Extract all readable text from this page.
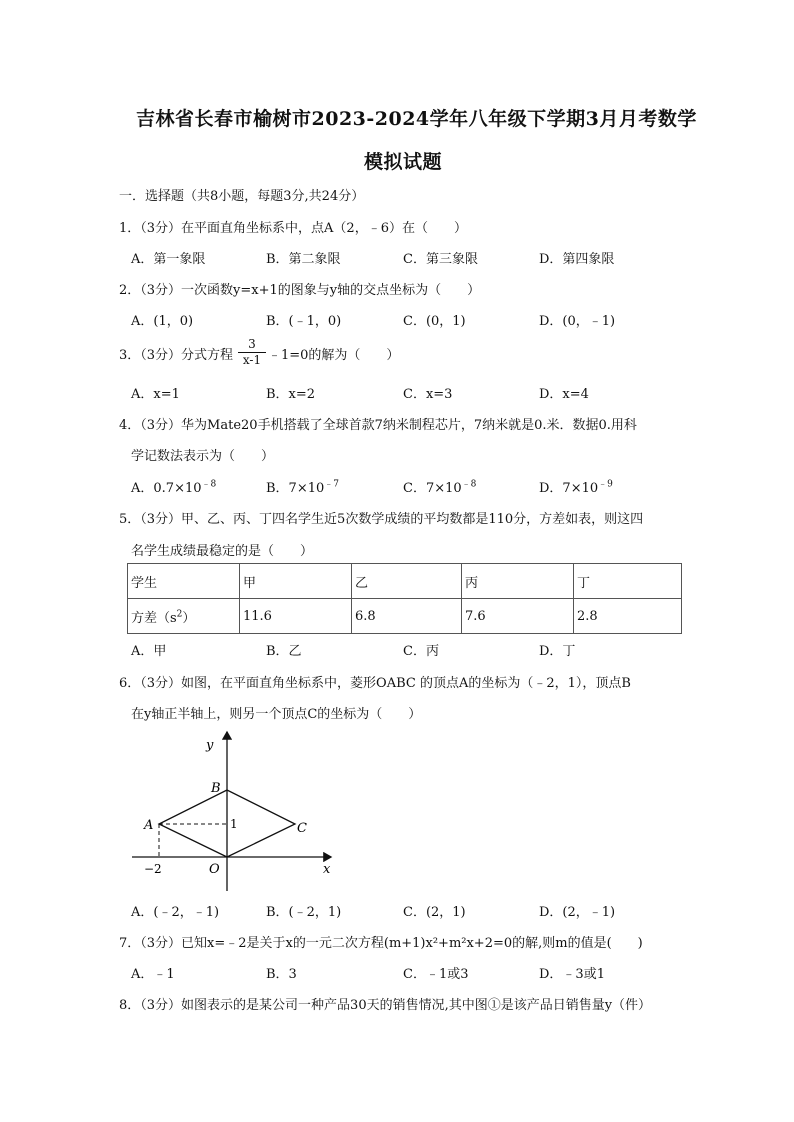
吉林省长春市榆树市2023-2024学年八年级下学期3月月考数学
模拟试题
一．选择题（共8小题，每题3分,共24分）
1．（3分）在平面直角坐标系中，点A（2，﹣6）在（　　）
A．第一象限	B．第二象限	C．第三象限	D．第四象限
2．（3分）一次函数y=x+1的图象与y轴的交点坐标为（　　）
A．(1，0)	B．(﹣1，0)	C．(0，1)	D．(0，﹣1)
3．（3分）分式方程
3
x-1 ﹣1=0的解为（　　）
A．x=1	B．x=2	C．x=3	D．x=4
4．（3分）华为Mate20手机搭载了全球首款7纳米制程芯片，7纳米就是0.米．数据0.用科
学记数法表示为（　　）
A．$0.7\times 10^{﹣8}$	B．$7\times 10^{﹣7}$	C．$7\times 10^{﹣8}$	D．$7\times 10^{﹣9}$
5．（3分）甲、乙、丙、丁四名学生近5次数学成绩的平均数都是110分，方差如表，则这四
名学生成绩最稳定的是（　　）
学生	甲	乙	丙	丁
方差$(s^2)$	11.6	6.8	7.6	2.8
A．甲	B．乙	C．丙	D．丁
6．（3分）如图，在平面直角坐标系中，菱形OABC 的顶点A的坐标为（﹣2，1），顶点B
在y轴正半轴上，则另一个顶点C的坐标为（　　）
y
x
B
A	C
O
1
−2
A．(﹣2，﹣1)	B．(﹣2，1)	C．(2，1)	D．(2，﹣1)
7．（3分）已知x=﹣2是关于x的一元二次方程(m+1)x²+m²x+2=0的解,则m的值是(　　)
A．﹣1	B．3	C．﹣1或3	D．﹣3或1
8．（3分）如图表示的是某公司一种产品30天的销售情况,其中图①是该产品日销售量y（件）
